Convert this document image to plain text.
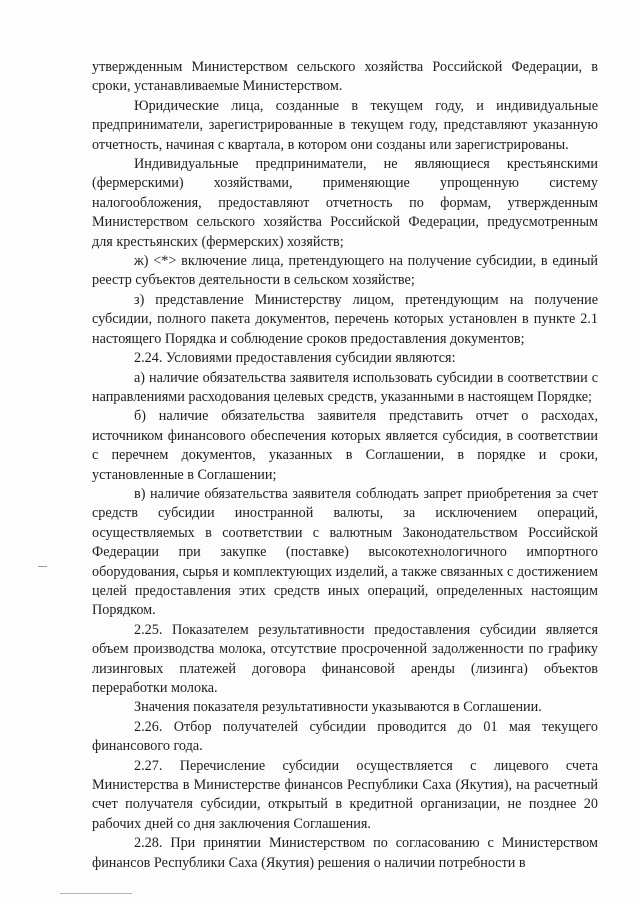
утвержденным Министерством сельского хозяйства Российской Федерации, в сроки, устанавливаемые Министерством.

Юридические лица, созданные в текущем году, и индивидуальные предприниматели, зарегистрированные в текущем году, представляют указанную отчетность, начиная с квартала, в котором они созданы или зарегистрированы.

Индивидуальные предприниматели, не являющиеся крестьянскими (фермерскими) хозяйствами, применяющие упрощенную систему налогообложения, предоставляют отчетность по формам, утвержденным Министерством сельского хозяйства Российской Федерации, предусмотренным для крестьянских (фермерских) хозяйств;

ж) <*> включение лица, претендующего на получение субсидии, в единый реестр субъектов деятельности в сельском хозяйстве;

з) представление Министерству лицом, претендующим на получение субсидии, полного пакета документов, перечень которых установлен в пункте 2.1 настоящего Порядка и соблюдение сроков предоставления документов;

2.24. Условиями предоставления субсидии являются:

а) наличие обязательства заявителя использовать субсидии в соответствии с направлениями расходования целевых средств, указанными в настоящем Порядке;

б) наличие обязательства заявителя представить отчет о расходах, источником финансового обеспечения которых является субсидия, в соответствии с перечнем документов, указанных в Соглашении, в порядке и сроки, установленные в Соглашении;

в) наличие обязательства заявителя соблюдать запрет приобретения за счет средств субсидии иностранной валюты, за исключением операций, осуществляемых в соответствии с валютным Законодательством Российской Федерации при закупке (поставке) высокотехнологичного импортного оборудования, сырья и комплектующих изделий, а также связанных с достижением целей предоставления этих средств иных операций, определенных настоящим Порядком.

2.25. Показателем результативности предоставления субсидии является объем производства молока, отсутствие просроченной задолженности по графику лизинговых платежей договора финансовой аренды (лизинга) объектов переработки молока.

Значения показателя результативности указываются в Соглашении.

2.26. Отбор получателей субсидии проводится до 01 мая текущего финансового года.

2.27. Перечисление субсидии осуществляется с лицевого счета Министерства в Министерстве финансов Республики Саха (Якутия), на расчетный счет получателя субсидии, открытый в кредитной организации, не позднее 20 рабочих дней со дня заключения Соглашения.

2.28. При принятии Министерством по согласованию с Министерством финансов Республики Саха (Якутия) решения о наличии потребности в
